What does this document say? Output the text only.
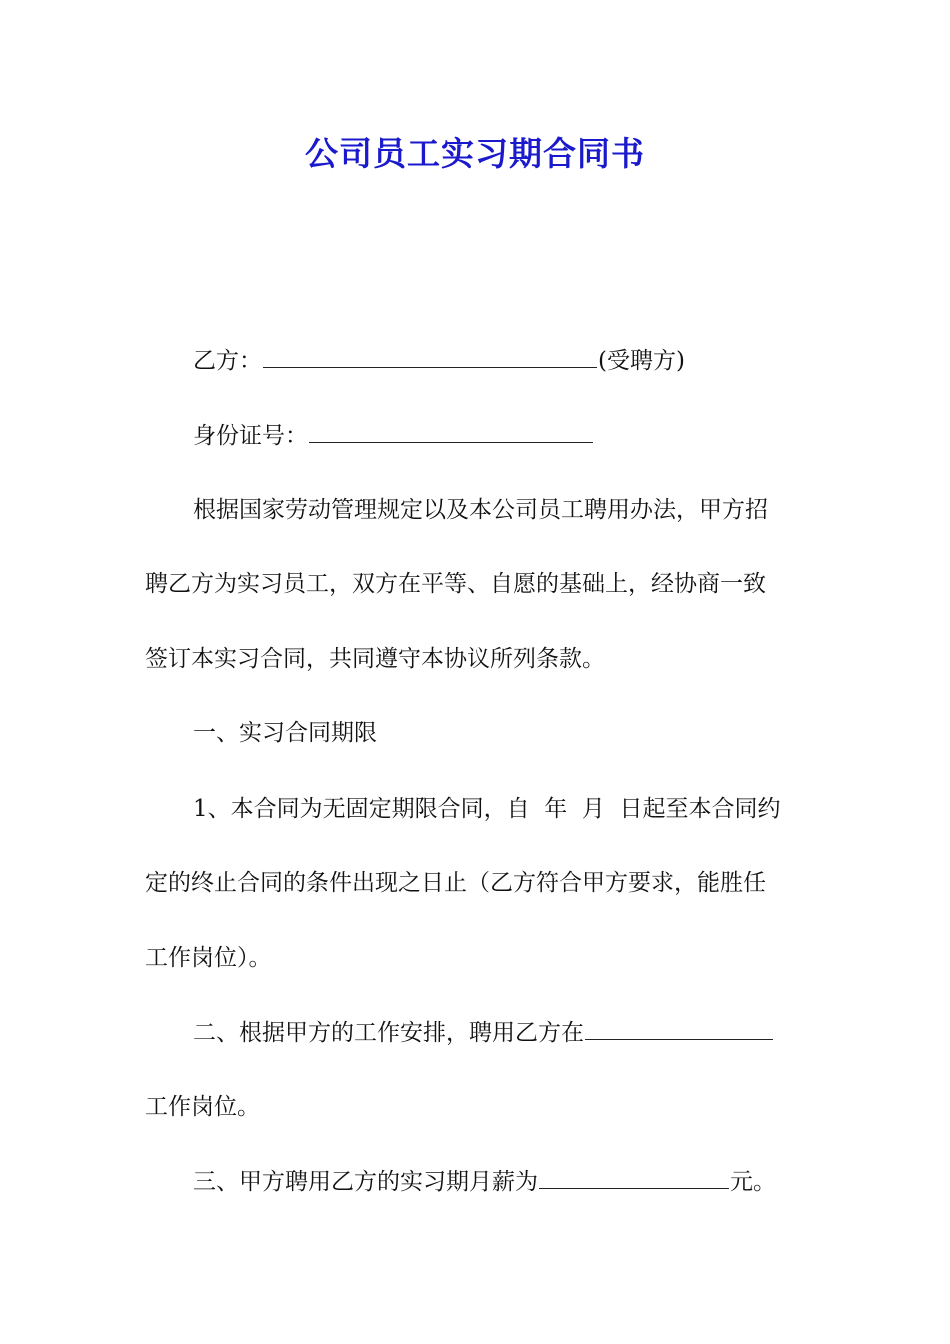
公司员工实习期合同书
乙方：	(受聘方)
身份证号：
根据国家劳动管理规定以及本公司员工聘用办法，甲方招
聘乙方为实习员工，双方在平等、自愿的基础上，经协商一致
签订本实习合同，共同遵守本协议所列条款。
一、实习合同期限
1、本合同为无固定期限合同，自  年  月  日起至本合同约
定的终止合同的条件出现之日止（乙方符合甲方要求，能胜任
工作岗位）。
二、根据甲方的工作安排，聘用乙方在
工作岗位。
三、甲方聘用乙方的实习期月薪为	元。
